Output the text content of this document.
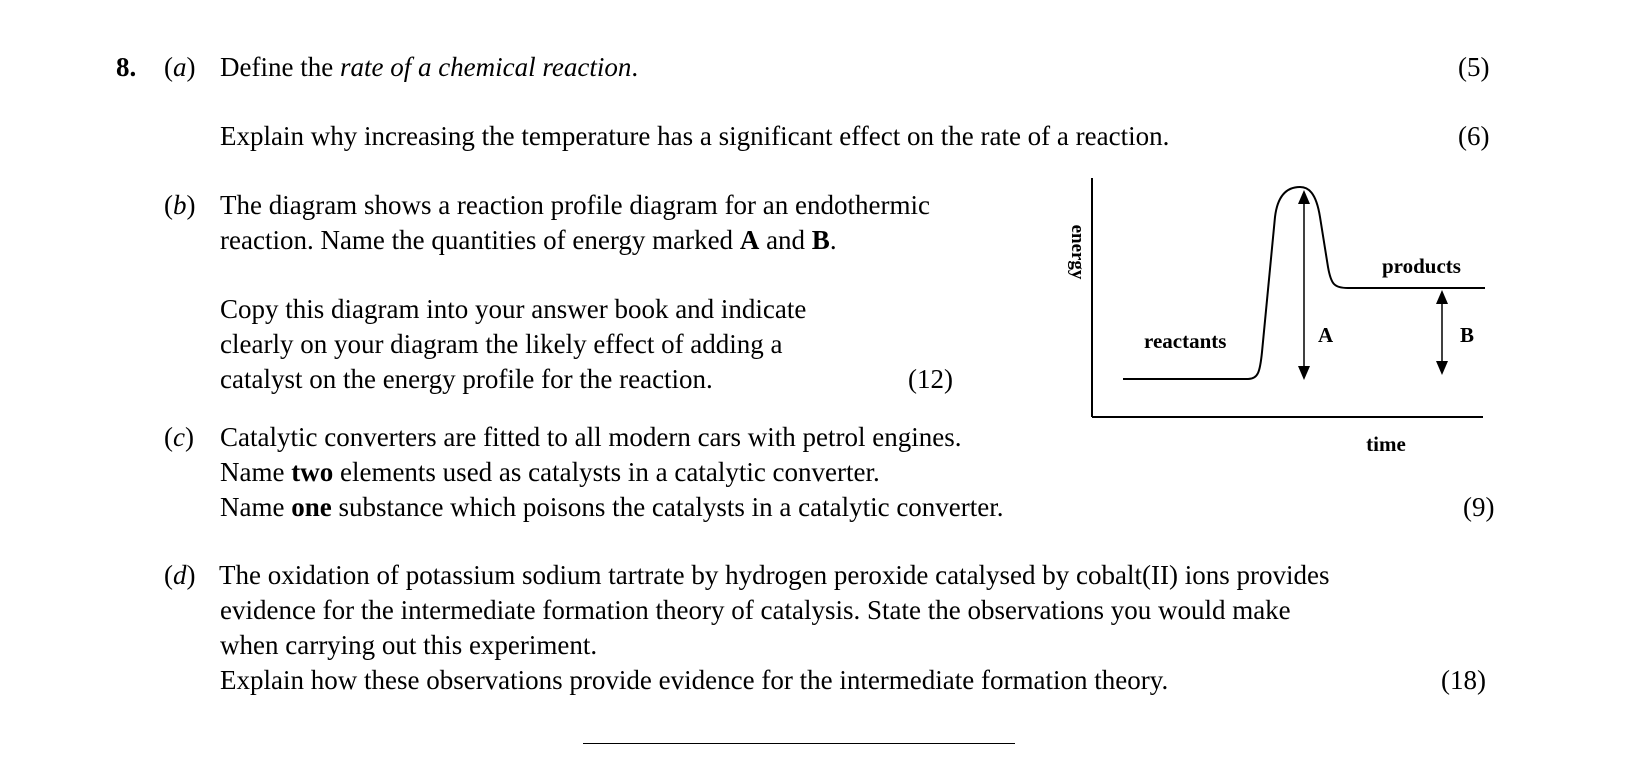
8. (a) Define the rate of a chemical reaction.	(5)
Explain why increasing the temperature has a significant effect on the rate of a reaction.	(6)
(b) The diagram shows a reaction profile diagram for an endothermic
reaction. Name the quantities of energy marked A and B.
Copy this diagram into your answer book and indicate
clearly on your diagram the likely effect of adding a
catalyst on the energy profile for the reaction.	(12)
energy
time
reactants
products
A	B
(c) Catalytic converters are fitted to all modern cars with petrol engines.
Name two elements used as catalysts in a catalytic converter.
Name one substance which poisons the catalysts in a catalytic converter.	(9)
(d) The oxidation of potassium sodium tartrate by hydrogen peroxide catalysed by cobalt(II) ions provides
evidence for the intermediate formation theory of catalysis. State the observations you would make
when carrying out this experiment.
Explain how these observations provide evidence for the intermediate formation theory.	(18)
